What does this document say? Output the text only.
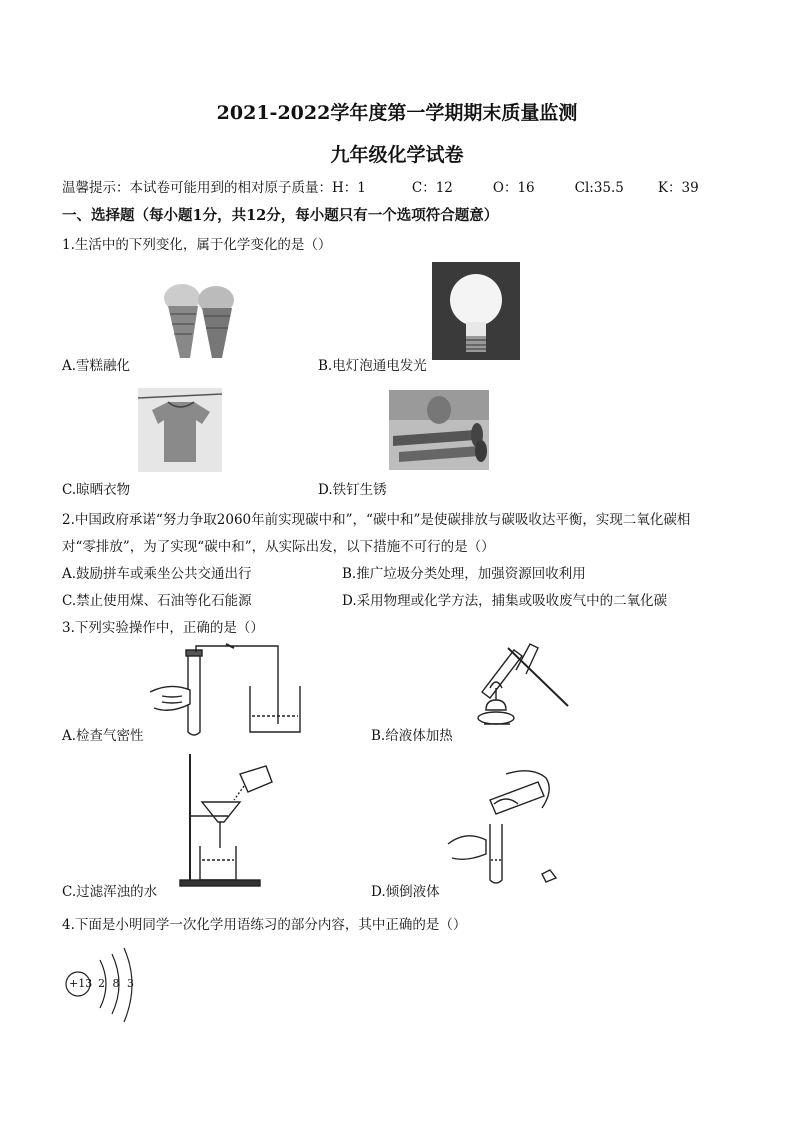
2021-2022学年度第一学期期末质量监测
九年级化学试卷
温馨提示：本试卷可能用到的相对原子质量：H：1	C：12	O：16	Cl:35.5	K：39
一、选择题（每小题1分，共12分，每小题只有一个选项符合题意）
1.生活中的下列变化，属于化学变化的是（）
A.雪糕融化	B.电灯泡通电发光
C.晾晒衣物	D.铁钉生锈
2.中国政府承诺“努力争取2060年前实现碳中和”，“碳中和”是使碳排放与碳吸收达平衡，实现二氧化碳相
对“零排放”，为了实现“碳中和”，从实际出发，以下措施不可行的是（）
A.鼓励拼车或乘坐公共交通出行	B.推广垃圾分类处理，加强资源回收利用
C.禁止使用煤、石油等化石能源	D.采用物理或化学方法，捕集或吸收废气中的二氧化碳
3.下列实验操作中，正确的是（）
A.检查气密性	B.给液体加热
C.过滤浑浊的水	D.倾倒液体
4.下面是小明同学一次化学用语练习的部分内容，其中正确的是（）
+13 2 8 3
